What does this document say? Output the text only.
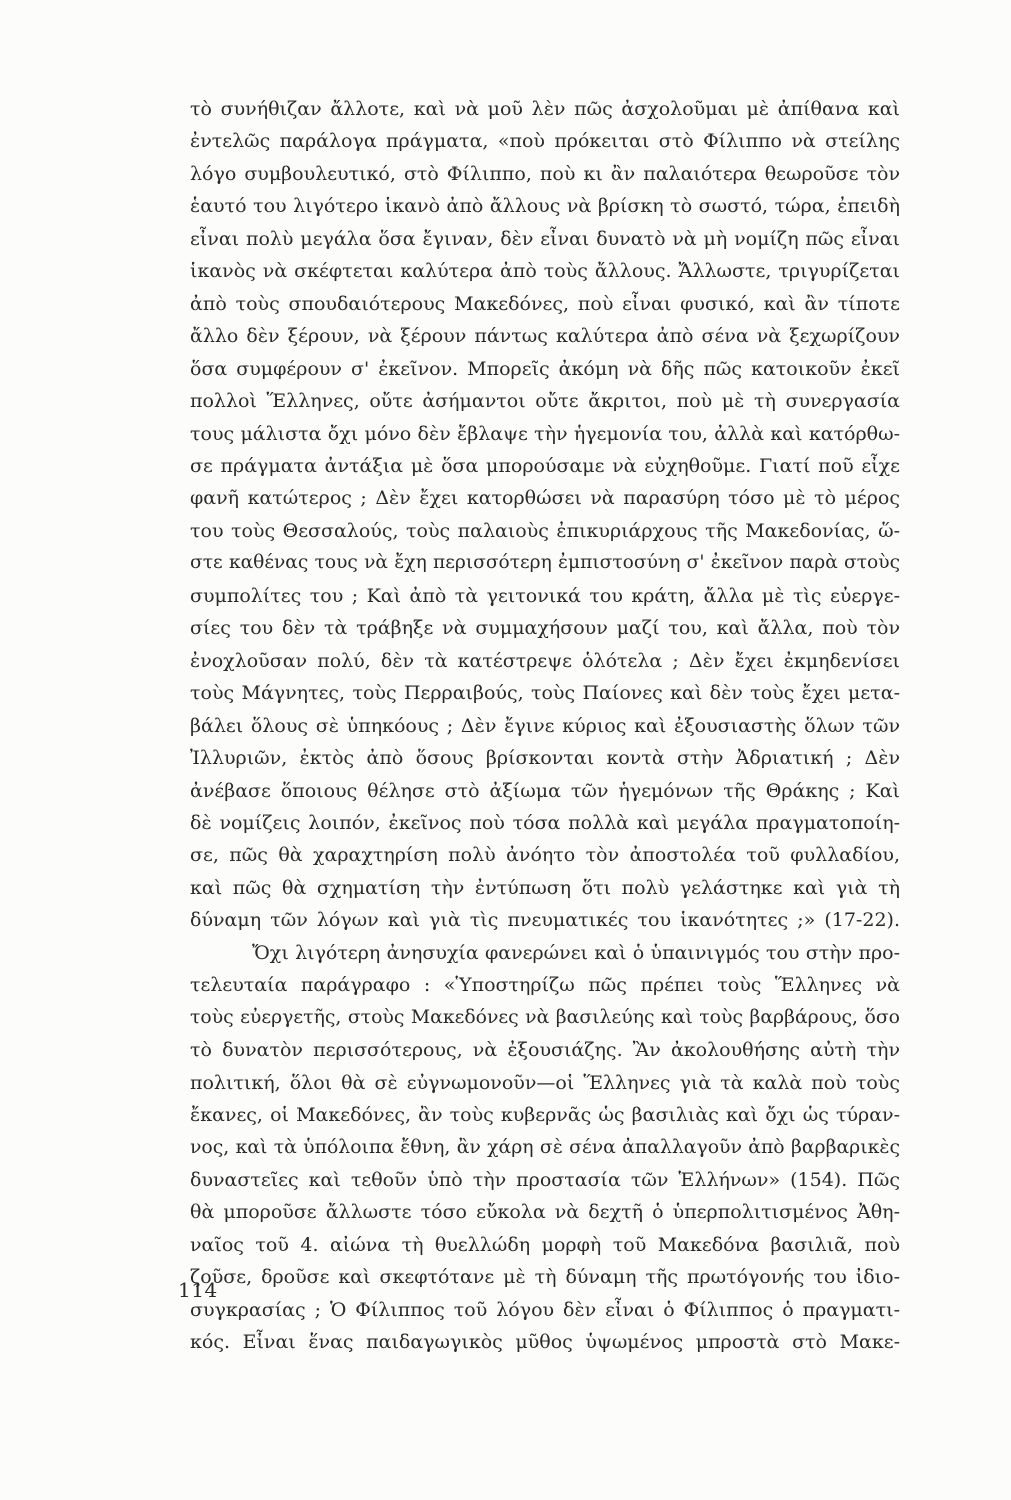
τὸ συνήθιζαν ἄλλοτε, καὶ νὰ μοῦ λὲν πῶς ἀσχολοῦμαι μὲ ἀπίθανα καὶ
ἐντελῶς παράλογα πράγματα, «ποὺ πρόκειται στὸ Φίλιππο νὰ στείλης
λόγο συμβουλευτικό, στὸ Φίλιππο, ποὺ κι ἂν παλαιότερα θεωροῦσε τὸν
ἑαυτό του λιγότερο ἱκανὸ ἀπὸ ἄλλους νὰ βρίσκη τὸ σωστό, τώρα, ἐπειδὴ
εἶναι πολὺ μεγάλα ὅσα ἔγιναν, δὲν εἶναι δυνατὸ νὰ μὴ νομίζη πῶς εἶναι
ἱκανὸς νὰ σκέφτεται καλύτερα ἀπὸ τοὺς ἄλλους. Ἄλλωστε, τριγυρίζεται
ἀπὸ τοὺς σπουδαιότερους Μακεδόνες, ποὺ εἶναι φυσικό, καὶ ἂν τίποτε
ἄλλο δὲν ξέρουν, νὰ ξέρουν πάντως καλύτερα ἀπὸ σένα νὰ ξεχωρίζουν
ὅσα συμφέρουν σ' ἐκεῖνον. Μπορεῖς ἀκόμη νὰ δῆς πῶς κατοικοῦν ἐκεῖ
πολλοὶ Ἕλληνες, οὔτε ἀσήμαντοι οὔτε ἄκριτοι, ποὺ μὲ τὴ συνεργασία
τους μάλιστα ὄχι μόνο δὲν ἔβλαψε τὴν ἡγεμονία του, ἀλλὰ καὶ κατόρθω-
σε πράγματα ἀντάξια μὲ ὅσα μπορούσαμε νὰ εὐχηθοῦμε. Γιατί ποῦ εἶχε
φανῆ κατώτερος ; Δὲν ἔχει κατορθώσει νὰ παρασύρη τόσο μὲ τὸ μέρος
του τοὺς Θεσσαλούς, τοὺς παλαιοὺς ἐπικυριάρχους τῆς Μακεδονίας, ὥ-
στε καθένας τους νὰ ἔχη περισσότερη ἐμπιστοσύνη σ' ἐκεῖνον παρὰ στοὺς
συμπολίτες του ; Καὶ ἀπὸ τὰ γειτονικά του κράτη, ἄλλα μὲ τὶς εὐεργε-
σίες του δὲν τὰ τράβηξε νὰ συμμαχήσουν μαζί του, καὶ ἄλλα, ποὺ τὸν
ἐνοχλοῦσαν πολύ, δὲν τὰ κατέστρεψε ὁλότελα ; Δὲν ἔχει ἐκμηδενίσει
τοὺς Μάγνητες, τοὺς Περραιβούς, τοὺς Παίονες καὶ δὲν τοὺς ἔχει μετα-
βάλει ὅλους σὲ ὑπηκόους ; Δὲν ἔγινε κύριος καὶ ἐξουσιαστὴς ὅλων τῶν
Ἰλλυριῶν, ἐκτὸς ἀπὸ ὅσους βρίσκονται κοντὰ στὴν Ἀδριατική ; Δὲν
ἀνέβασε ὅποιους θέλησε στὸ ἀξίωμα τῶν ἡγεμόνων τῆς Θράκης ; Καὶ
δὲ νομίζεις λοιπόν, ἐκεῖνος ποὺ τόσα πολλὰ καὶ μεγάλα πραγματοποίη-
σε, πῶς θὰ χαραχτηρίση πολὺ ἀνόητο τὸν ἀποστολέα τοῦ φυλλαδίου,
καὶ πῶς θὰ σχηματίση τὴν ἐντύπωση ὅτι πολὺ γελάστηκε καὶ γιὰ τὴ
δύναμη τῶν λόγων καὶ γιὰ τὶς πνευματικές του ἱκανότητες ;» (17-22).
Ὄχι λιγότερη ἀνησυχία φανερώνει καὶ ὁ ὑπαινιγμός του στὴν προ-
τελευταία παράγραφο : «Ὑποστηρίζω πῶς πρέπει τοὺς Ἕλληνες νὰ
τοὺς εὐεργετῆς, στοὺς Μακεδόνες νὰ βασιλεύης καὶ τοὺς βαρβάρους, ὅσο
τὸ δυνατὸν περισσότερους, νὰ ἐξουσιάζης. Ἂν ἀκολουθήσης αὐτὴ τὴν
πολιτική, ὅλοι θὰ σὲ εὐγνωμονοῦν—οἱ Ἕλληνες γιὰ τὰ καλὰ ποὺ τοὺς
ἔκανες, οἱ Μακεδόνες, ἂν τοὺς κυβερνᾶς ὡς βασιλιὰς καὶ ὄχι ὡς τύραν-
νος, καὶ τὰ ὑπόλοιπα ἔθνη, ἂν χάρη σὲ σένα ἀπαλλαγοῦν ἀπὸ βαρβαρικὲς
δυναστεῖες καὶ τεθοῦν ὑπὸ τὴν προστασία τῶν Ἑλλήνων» (154). Πῶς
θὰ μποροῦσε ἄλλωστε τόσο εὔκολα νὰ δεχτῆ ὁ ὑπερπολιτισμένος Ἀθη-
ναῖος τοῦ 4. αἰώνα τὴ θυελλώδη μορφὴ τοῦ Μακεδόνα βασιλιᾶ, ποὺ
ζοῦσε, δροῦσε καὶ σκεφτότανε μὲ τὴ δύναμη τῆς πρωτόγονής του ἰδιο-
συγκρασίας ; Ὁ Φίλιππος τοῦ λόγου δὲν εἶναι ὁ Φίλιππος ὁ πραγματι-
κός. Εἶναι ἕνας παιδαγωγικὸς μῦθος ὑψωμένος μπροστὰ στὸ Μακε-
114
